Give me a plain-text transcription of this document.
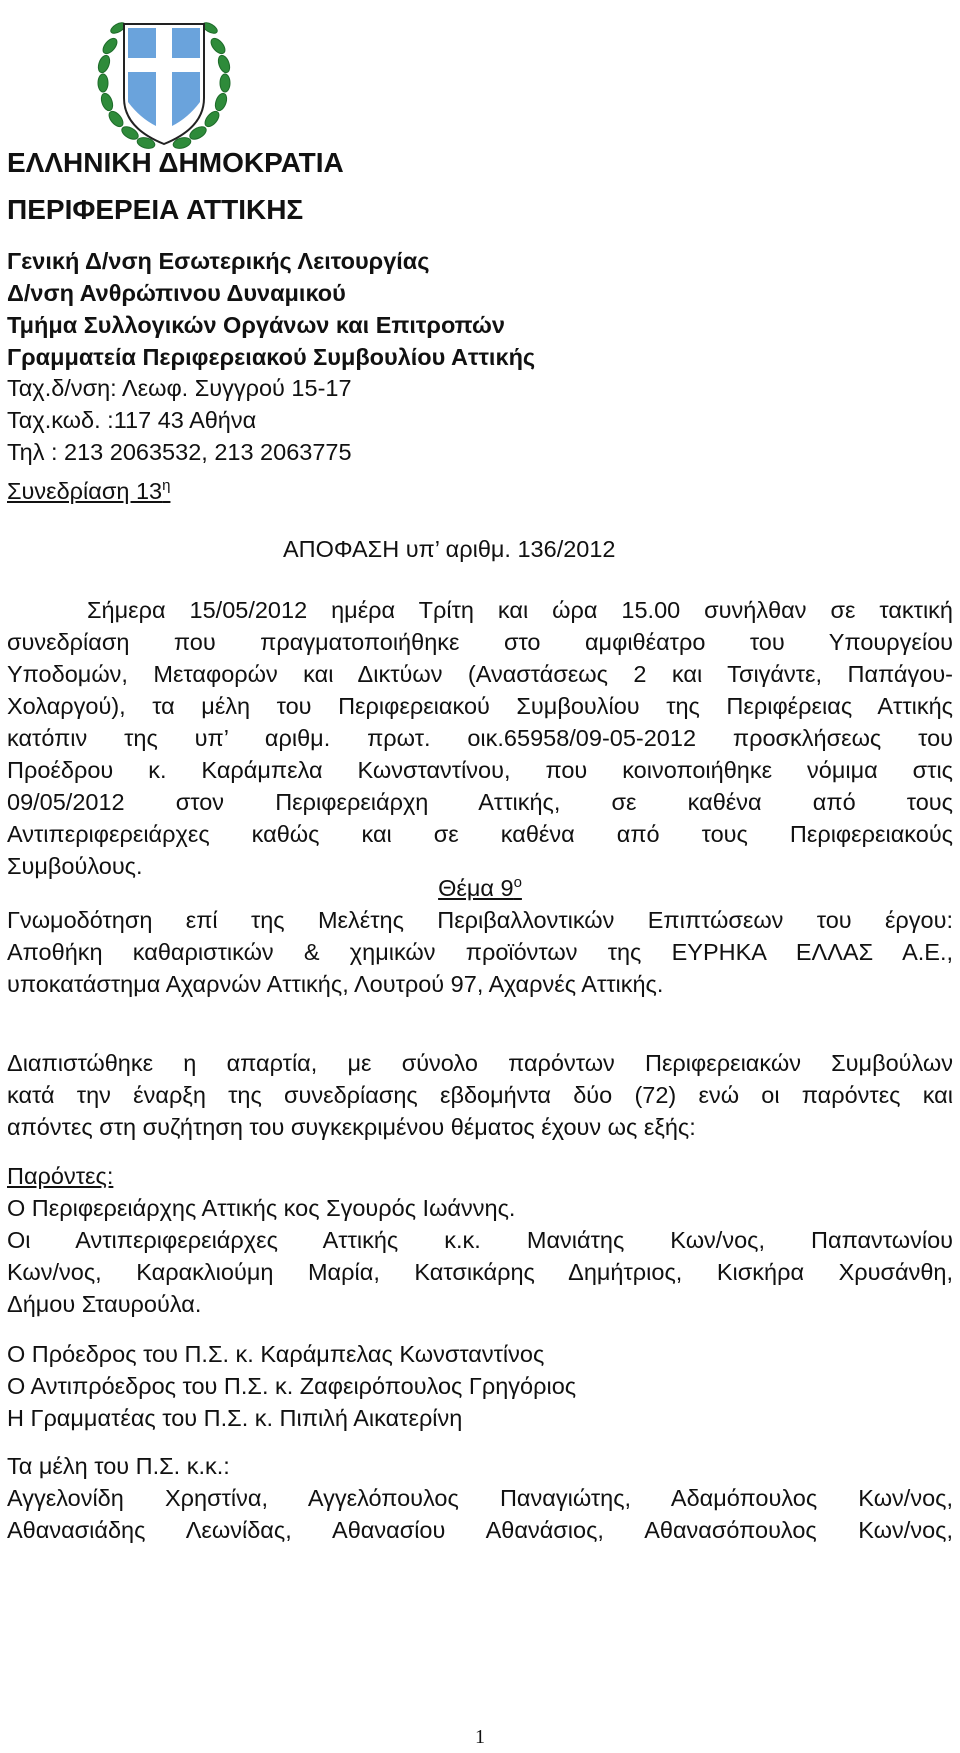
ΕΛΛΗΝΙΚΗ ΔΗΜΟΚΡΑΤΙΑ
ΠΕΡΙΦΕΡΕΙΑ ΑΤΤΙΚΗΣ
Γενική Δ/νση Εσωτερικής Λειτουργίας
Δ/νση Ανθρώπινου Δυναμικού
Τμήμα Συλλογικών Οργάνων και Επιτροπών
Γραμματεία Περιφερειακού Συμβουλίου Αττικής
Ταχ.δ/νση: Λεωφ. Συγγρού 15-17
Ταχ.κωδ. :117 43 Αθήνα
Τηλ : 213 2063532, 213 2063775
Συνεδρίαση $13^\eta$
ΑΠΟΦΑΣΗ υπ’ αριθμ. 136/2012
Σήμερα 15/05/2012 ημέρα Τρίτη και ώρα 15.00 συνήλθαν σε τακτική
συνεδρίαση που πραγματοποιήθηκε στο αμφιθέατρο του Υπουργείου
Υποδομών, Μεταφορών και Δικτύων (Αναστάσεως 2 και Τσιγάντε, Παπάγου-
Χολαργού), τα μέλη του Περιφερειακού Συμβουλίου της Περιφέρειας Αττικής
κατόπιν της υπ’ αριθμ. πρωτ. οικ.65958/09-05-2012 προσκλήσεως του
Προέδρου κ. Καράμπελα Κωνσταντίνου, που κοινοποιήθηκε νόμιμα στις
09/05/2012 στον Περιφερειάρχη Αττικής, σε καθένα από τους
Αντιπεριφερειάρχες καθώς και σε καθένα από τους Περιφερειακούς
Συμβούλους.
Θέμα $9^o$
Γνωμοδότηση επί της Μελέτης Περιβαλλοντικών Επιπτώσεων του έργου:
Αποθήκη καθαριστικών & χημικών προϊόντων της ΕΥΡΗΚΑ ΕΛΛΑΣ Α.Ε.,
υποκατάστημα Αχαρνών Αττικής, Λουτρού 97, Αχαρνές Αττικής.
Διαπιστώθηκε η απαρτία, με σύνολο παρόντων Περιφερειακών Συμβούλων
κατά την έναρξη της συνεδρίασης εβδομήντα δύο (72) ενώ οι παρόντες και
απόντες στη συζήτηση του συγκεκριμένου θέματος έχουν ως εξής:
Παρόντες:
Ο Περιφερειάρχης Αττικής κος Σγουρός Ιωάννης.
Οι Αντιπεριφερειάρχες Αττικής κ.κ. Μανιάτης Κων/νος, Παπαντωνίου
Κων/νος, Καρακλιούμη Μαρία, Κατσικάρης Δημήτριος, Κισκήρα Χρυσάνθη,
Δήμου Σταυρούλα.
Ο Πρόεδρος του Π.Σ. κ. Καράμπελας Κωνσταντίνος
Ο Αντιπρόεδρος του Π.Σ. κ. Ζαφειρόπουλος Γρηγόριος
Η Γραμματέας του Π.Σ. κ. Πιπιλή Αικατερίνη
Τα μέλη του Π.Σ. κ.κ.:
Αγγελονίδη Χρηστίνα, Αγγελόπουλος Παναγιώτης, Αδαμόπουλος Κων/νος,
Αθανασιάδης Λεωνίδας, Αθανασίου Αθανάσιος, Αθανασόπουλος Κων/νος,
1
